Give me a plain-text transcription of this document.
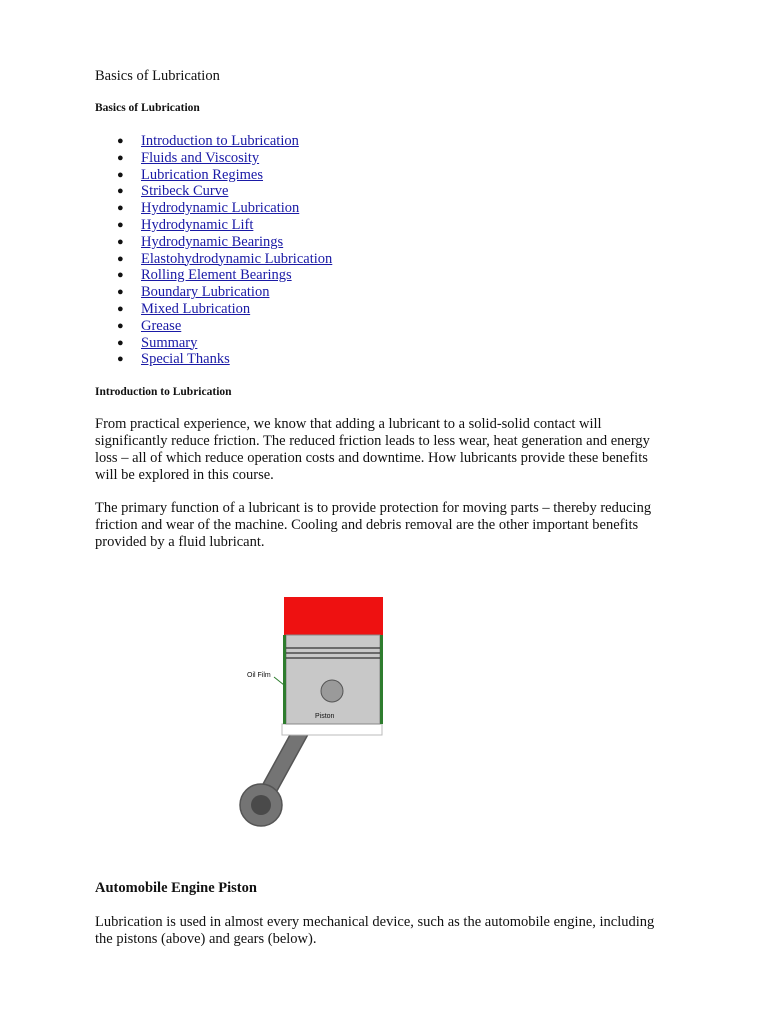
Basics of Lubrication
Basics of Lubrication
● Introduction to Lubrication
● Fluids and Viscosity
● Lubrication Regimes
● Stribeck Curve
● Hydrodynamic Lubrication
● Hydrodynamic Lift
● Hydrodynamic Bearings
● Elastohydrodynamic Lubrication
● Rolling Element Bearings
● Boundary Lubrication
● Mixed Lubrication
● Grease
● Summary
● Special Thanks
Introduction to Lubrication

From practical experience, we know that adding a lubricant to a solid-solid contact will significantly reduce friction. The reduced friction leads to less wear, heat generation and energy loss – all of which reduce operation costs and downtime. How lubricants provide these benefits will be explored in this course.

The primary function of a lubricant is to provide protection for moving parts – thereby reducing friction and wear of the machine. Cooling and debris removal are the other important benefits provided by a fluid lubricant.

Oil Film
Piston
Automobile Engine Piston

Lubrication is used in almost every mechanical device, such as the automobile engine, including the pistons (above) and gears (below).
